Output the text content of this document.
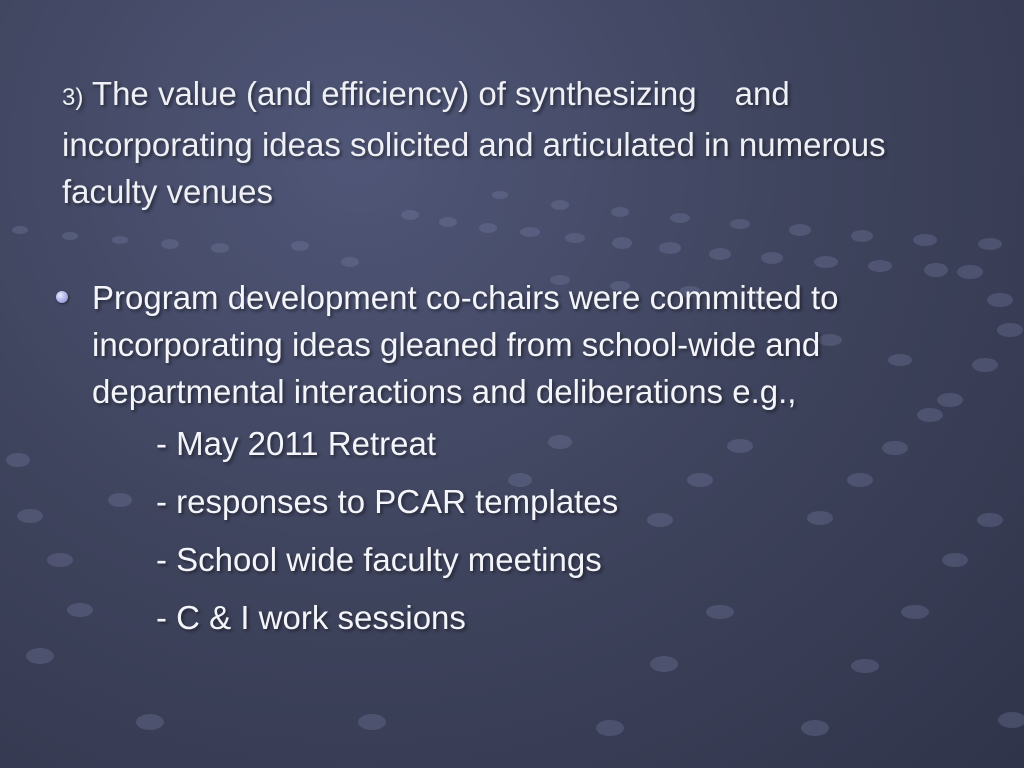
3) The value (and efficiency) of synthesizing and incorporating ideas solicited and articulated in numerous faculty venues
Program development co-chairs were committed to incorporating ideas gleaned from school-wide and departmental interactions and deliberations e.g.,
- May 2011 Retreat
- responses to PCAR templates
- School wide faculty meetings
- C & I work sessions
